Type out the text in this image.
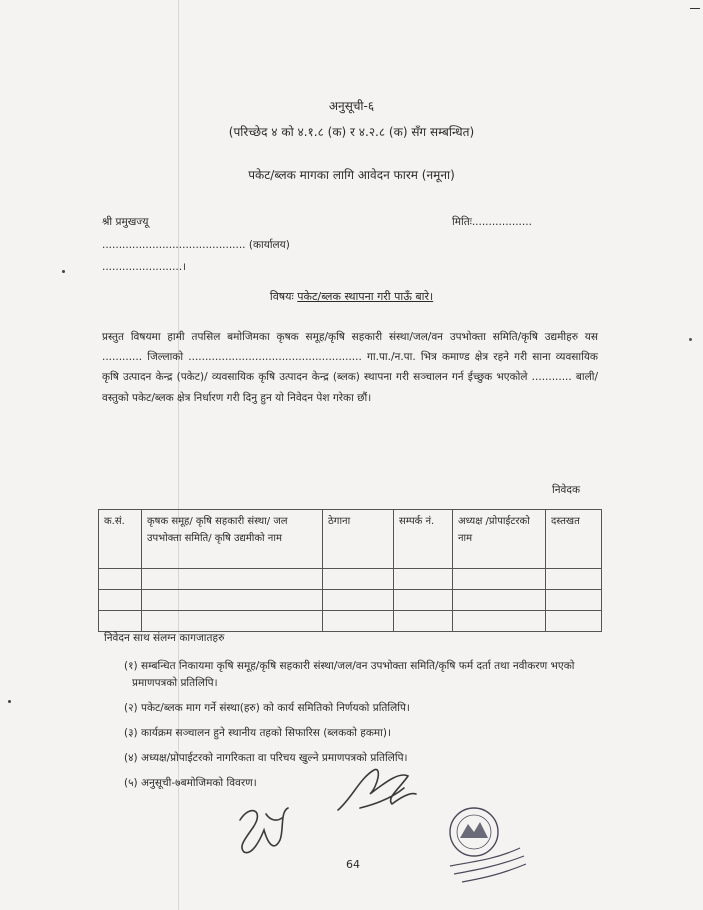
अनुसूची-६
(परिच्छेद ४ को ४.१.८ (क) र ४.२.८ (क) सँग सम्बन्धित)
पकेट/ब्लक मागका लागि आवेदन फारम (नमूना)
श्री प्रमुखज्यू	मितिः..................
........................................... (कार्यालय)
........................।
विषयः पकेट/ब्लक स्थापना गरी पाऊँ बारे।
प्रस्तुत विषयमा हामी तपसिल बमोजिमका कृषक समूह/कृषि सहकारी संस्था/जल/वन उपभोक्ता समिति/कृषि उद्यमीहरु यस ............ जिल्लाको .................................................... गा.पा./न.पा. भित्र कमाण्ड क्षेत्र रहने गरी साना व्यवसायिक कृषि उत्पादन केन्द्र (पकेट)/ व्यवसायिक कृषि उत्पादन केन्द्र (ब्लक) स्थापना गरी सञ्चालन गर्न ईच्छुक भएकोले ............ बाली/वस्तुको पकेट/ब्लक क्षेत्र निर्धारण गरी दिनु हुन यो निवेदन पेश गरेका छौं।
निवेदक
क.सं.	कृषक समूह/ कृषि सहकारी संस्था/ जल उपभोक्ता समिति/ कृषि उद्यमीको नाम	ठेगाना	सम्पर्क नं.	अध्यक्ष /प्रोपाईटरको नाम	दस्तखत

निवेदन साथ संलग्न कागजातहरु
(१) सम्बन्धित निकायमा कृषि समूह/कृषि सहकारी संस्था/जल/वन उपभोक्ता समिति/कृषि फर्म दर्ता तथा नवीकरण भएको प्रमाणपत्रको प्रतिलिपि।
(२) पकेट/ब्लक माग गर्ने संस्था(हरु) को कार्य समितिको निर्णयको प्रतिलिपि।
(३) कार्यक्रम सञ्चालन हुने स्थानीय तहको सिफारिस (ब्लकको हकमा)।
(४) अध्यक्ष/प्रोपाईटरको नागरिकता वा परिचय खुल्ने प्रमाणपत्रको प्रतिलिपि।
(५) अनुसूची-७बमोजिमको विवरण।
64
